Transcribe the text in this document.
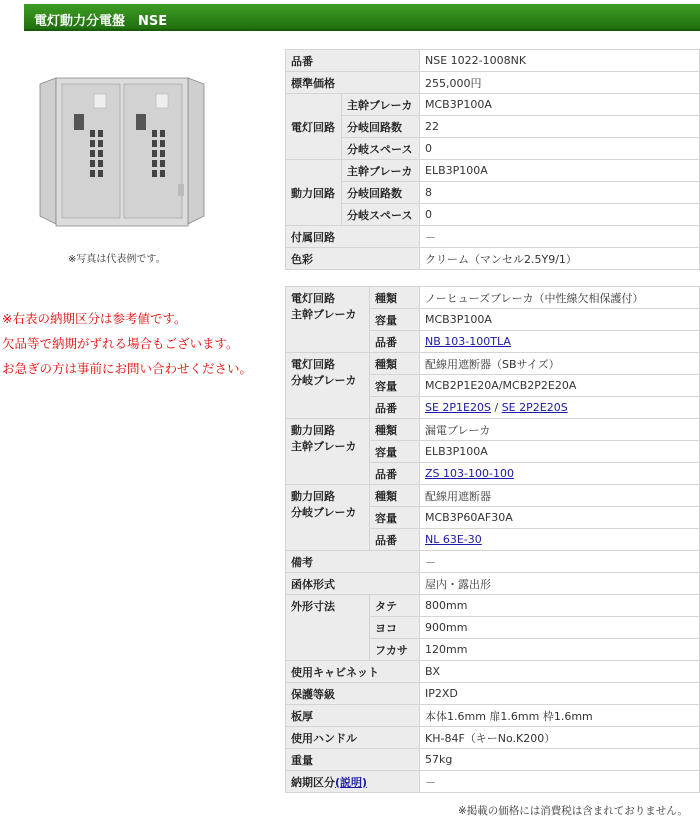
電灯動力分電盤　NSE
※写真は代表例です。
※右表の納期区分は参考値です。
欠品等で納期がずれる場合もございます。
お急ぎの方は事前にお問い合わせください。
品番		NSE 1022-1008NK
標準価格		255,000円
電灯回路	主幹ブレーカ	MCB3P100A
	分岐回路数	22
	分岐スペース	0
動力回路	主幹ブレーカ	ELB3P100A
	分岐回路数	8
	分岐スペース	0
付属回路		－
色彩		クリーム（マンセル2.5Y9/1）
電灯回路
主幹ブレーカ	種類	ノーヒューズブレーカ（中性線欠相保護付）
	容量	MCB3P100A
	品番	NB 103-100TLA

電灯回路
分岐ブレーカ	種類	配線用遮断器（SBサイズ）
	容量	MCB2P1E20A/MCB2P2E20A
	品番	SE 2P1E20S / SE 2P2E20S

動力回路
主幹ブレーカ	種類	漏電ブレーカ
	容量	ELB3P100A
	品番	ZS 103-100-100

動力回路
分岐ブレーカ	種類	配線用遮断器
	容量	MCB3P60AF30A
	品番	NL 63E-30
備考		－
函体形式		屋内・露出形
外形寸法	タテ	800mm
	ヨコ	900mm
	フカサ	120mm
使用キャビネット		BX
保護等級		IP2XD
板厚		本体1.6mm 扉1.6mm 枠1.6mm
使用ハンドル		KH-84F（キーNo.K200）
重量		57kg
納期区分(説明)		－
※掲載の価格には消費税は含まれておりません。
